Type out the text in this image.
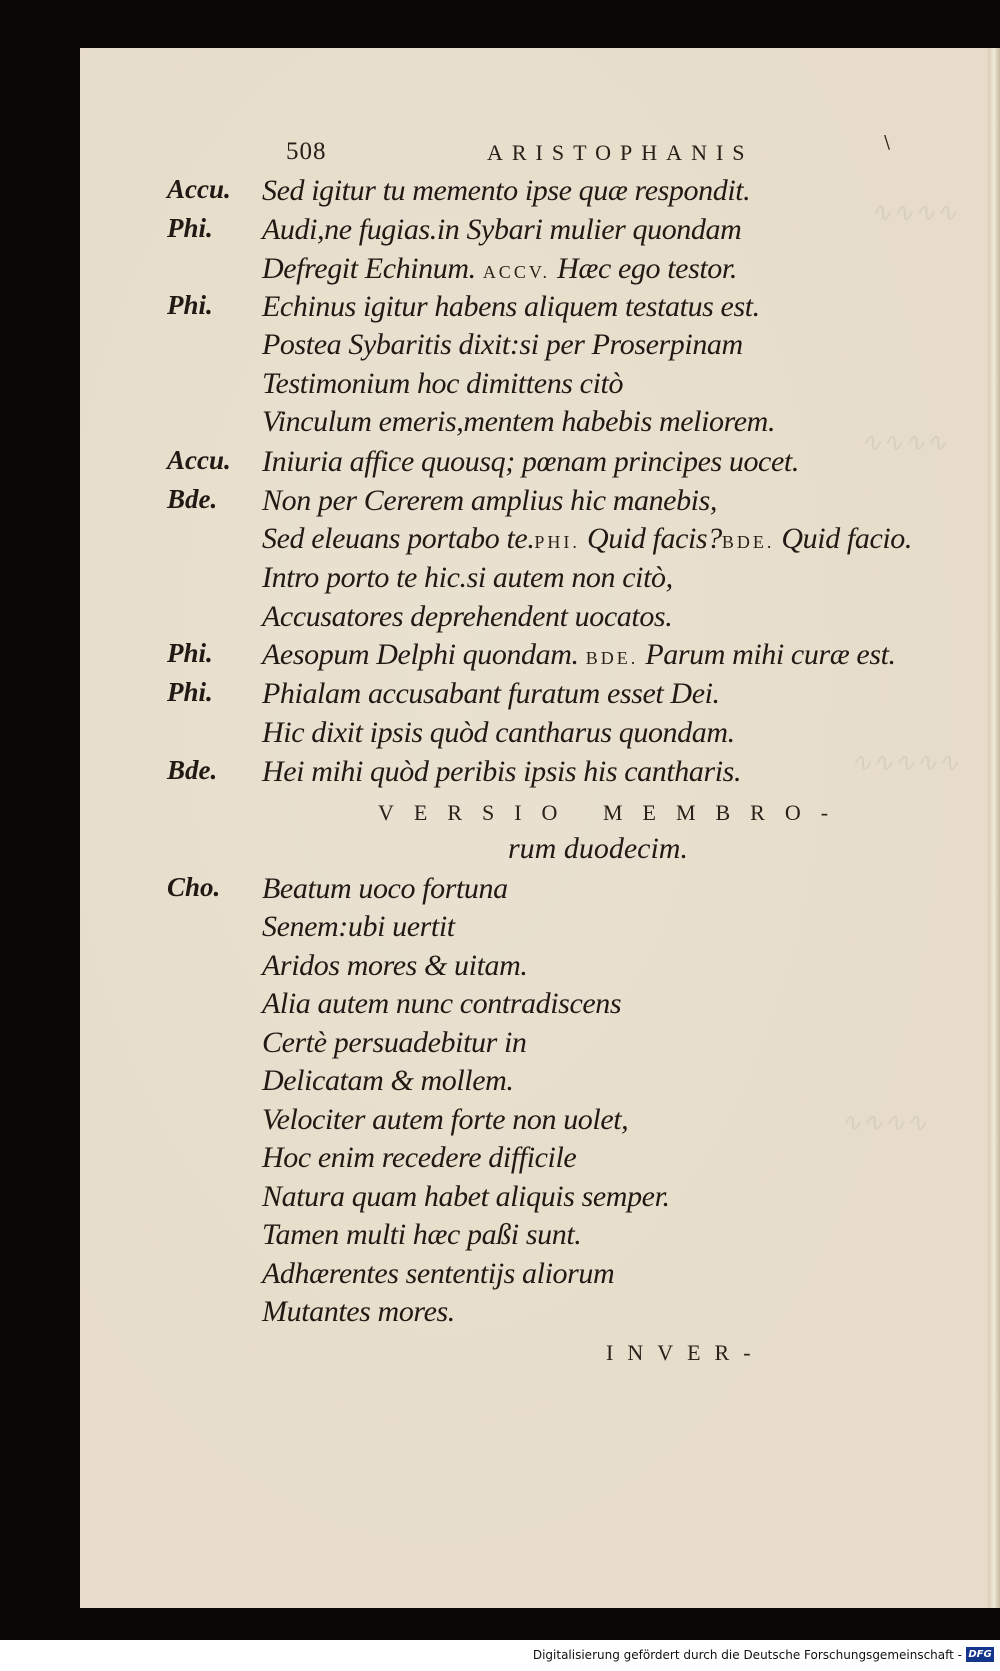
∿∿∿∿
∿∿∿∿
∿∿∿∿∿
∿∿∿∿
508	ARISTOPHANIS	\
Accu. Sed igitur tu memento ipse quæ respondit.
Phi. Audi,ne fugias.in Sybari mulier quondam
Defregit Echinum. ACCV. Hæc ego testor.
Phi. Echinus igitur habens aliquem testatus est.
Postea Sybaritis dixit:si per Proserpinam
Testimonium hoc dimittens citò
Vinculum emeris,mentem habebis meliorem.
Accu. Iniuria affice quousq; pœnam principes uocet.
Bde. Non per Cererem amplius hic manebis,
Sed eleuans portabo te.PHI. Quid facis?BDE. Quid facio.
Intro porto te hic.si autem non citò,
Accusatores deprehendent uocatos.
Phi. Aesopum Delphi quondam. BDE. Parum mihi curæ est.
Phi. Phialam accusabant furatum esset Dei.
Hic dixit ipsis quòd cantharus quondam.
Bde. Hei mihi quòd peribis ipsis his cantharis.
VERSIO MEMBRO-
rum duodecim.
Cho. Beatum uoco fortuna
Senem:ubi uertit
Aridos mores & uitam.
Alia autem nunc contradiscens
Certè persuadebitur in
Delicatam & mollem.
Velociter autem forte non uolet,
Hoc enim recedere difficile
Natura quam habet aliquis semper.
Tamen multi hæc paßi sunt.
Adhærentes sententijs aliorum
Mutantes mores.
INVER-
Digitalisierung gefördert durch die Deutsche Forschungsgemeinschaft - DFG
